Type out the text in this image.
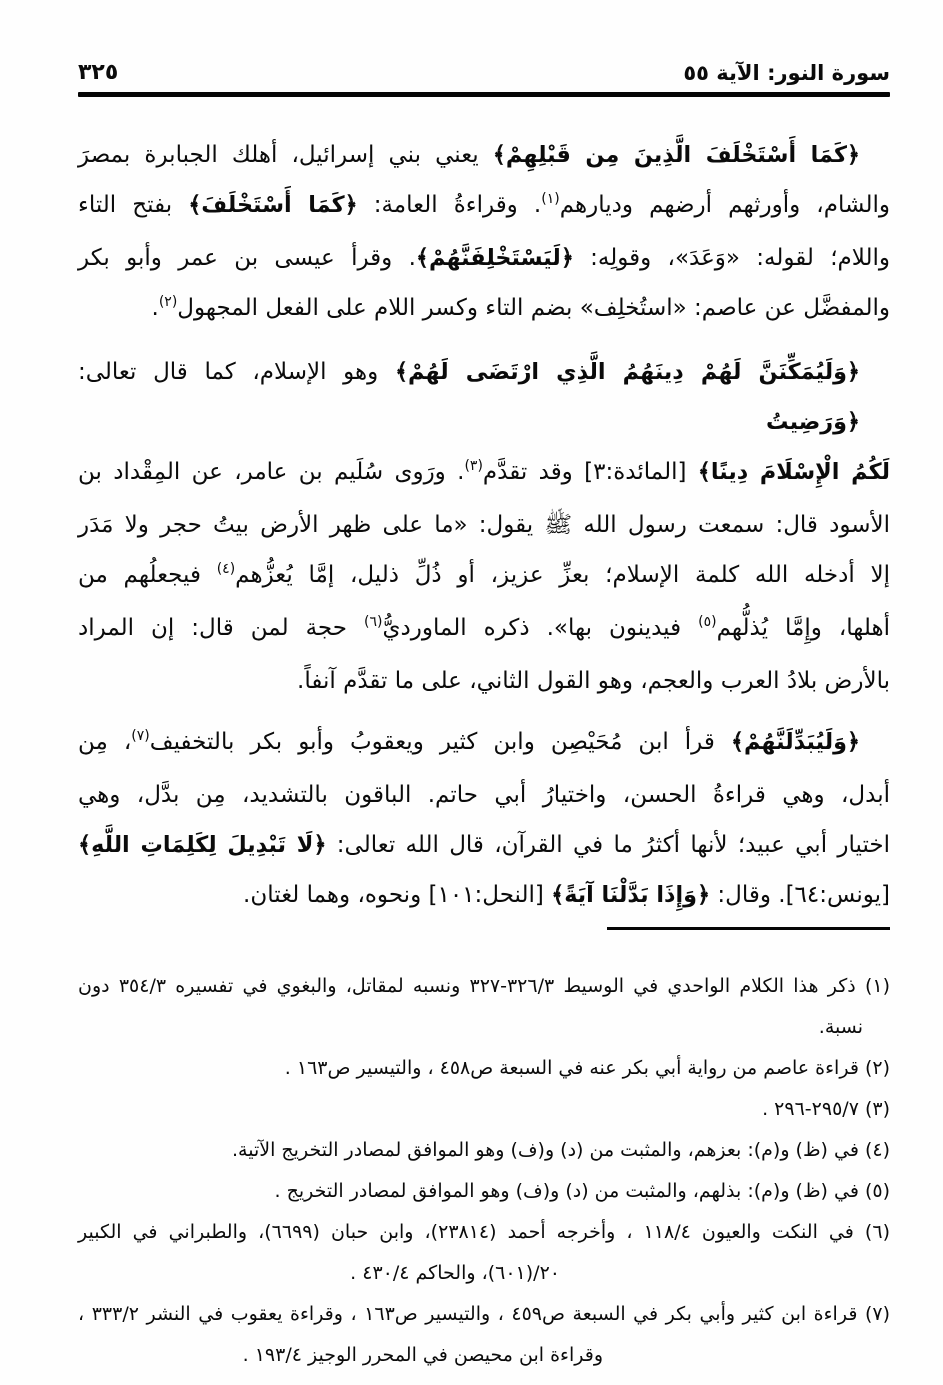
سورة النور: الآية ٥٥
٣٢٥
﴿كَمَا أَسْتَخْلَفَ الَّذِينَ مِن قَبْلِهِمْ﴾ يعني بني إسرائيل، أهلك الجبابرة بمصرَ
والشام، وأورثهم أرضهم وديارهم$^{(١)}$. وقراءةُ العامة: ﴿كَمَا أَسْتَخْلَفَ﴾ بفتح التاء
واللام؛ لقوله: «وَعَدَ»، وقولِه: ﴿لَيَسْتَخْلِفَنَّهُمْ﴾. وقرأ عيسى بن عمر وأبو بكر
والمفضَّل عن عاصم: «استُخلِف» بضم التاء وكسر اللام على الفعل المجهول$^{(٢)}$.
﴿وَلَيُمَكِّنَنَّ لَهُمْ دِينَهُمُ الَّذِي ارْتَضَى لَهُمْ﴾ وهو الإسلام، كما قال تعالى: ﴿وَرَضِيتُ
لَكُمُ الْإِسْلَامَ دِينًا﴾ [المائدة:٣] وقد تقدَّم$^{(٣)}$. ورَوى سُلَيم بن عامر، عن المِقْداد بن
الأسود قال: سمعت رسول الله ﷺ يقول: «ما على ظهر الأرض بيتُ حجر ولا مَدَر
إلا أدخله الله كلمة الإسلام؛ بعزِّ عزيز، أو ذُلِّ ذليل، إمَّا يُعزُّهم$^{(٤)}$ فيجعلُهم من
أهلها، وإِمَّا يُذلُّهم$^{(٥)}$ فيدينون بها». ذكره الماورديُّ$^{(٦)}$ حجة لمن قال: إن المراد
بالأرض بلادُ العرب والعجم، وهو القول الثاني، على ما تقدَّم آنفاً.
﴿وَلَيُبَدِّلَنَّهُمْ﴾ قرأ ابن مُحَيْصِن وابن كثير ويعقوبُ وأبو بكر بالتخفيف$^{(٧)}$، مِن
أبدل، وهي قراءةُ الحسن، واختيارُ أبي حاتم. الباقون بالتشديد، مِن بدَّل، وهي
اختيار أبي عبيد؛ لأنها أكثرُ ما في القرآن، قال الله تعالى: ﴿لَا تَبْدِيلَ لِكَلِمَاتِ اللَّهِ﴾
[يونس:٦٤]. وقال: ﴿وَإِذَا بَدَّلْنَا آيَةً﴾ [النحل:١٠١] ونحوه، وهما لغتان.
(١) ذكر هذا الكلام الواحدي في الوسيط ٣/‏٣٢٦-٣٢٧ ونسبه لمقاتل، والبغوي في تفسيره ٣/‏٣٥٤ دون
نسبة.
(٢) قراءة عاصم من رواية أبي بكر عنه في السبعة ص٤٥٨ ، والتيسير ص١٦٣ .
(٣) ٧/‏٢٩٥-٢٩٦ .
(٤) في (ظ) و(م): بعزهم، والمثبت من (د) و(ف) وهو الموافق لمصادر التخريج الآتية.
(٥) في (ظ) و(م): بذلهم، والمثبت من (د) و(ف) وهو الموافق لمصادر التخريج .
(٦) في النكت والعيون ٤/‏١١٨ ، وأخرجه أحمد (٢٣٨١٤)، وابن حبان (٦٦٩٩)، والطبراني في الكبير
٢٠/‏(٦٠١)، والحاكم ٤/‏٤٣٠ .
(٧) قراءة ابن كثير وأبي بكر في السبعة ص٤٥٩ ، والتيسير ص١٦٣ ، وقراءة يعقوب في النشر ٢/‏٣٣٣ ،
وقراءة ابن محيصن في المحرر الوجيز ٤/‏١٩٣ .
